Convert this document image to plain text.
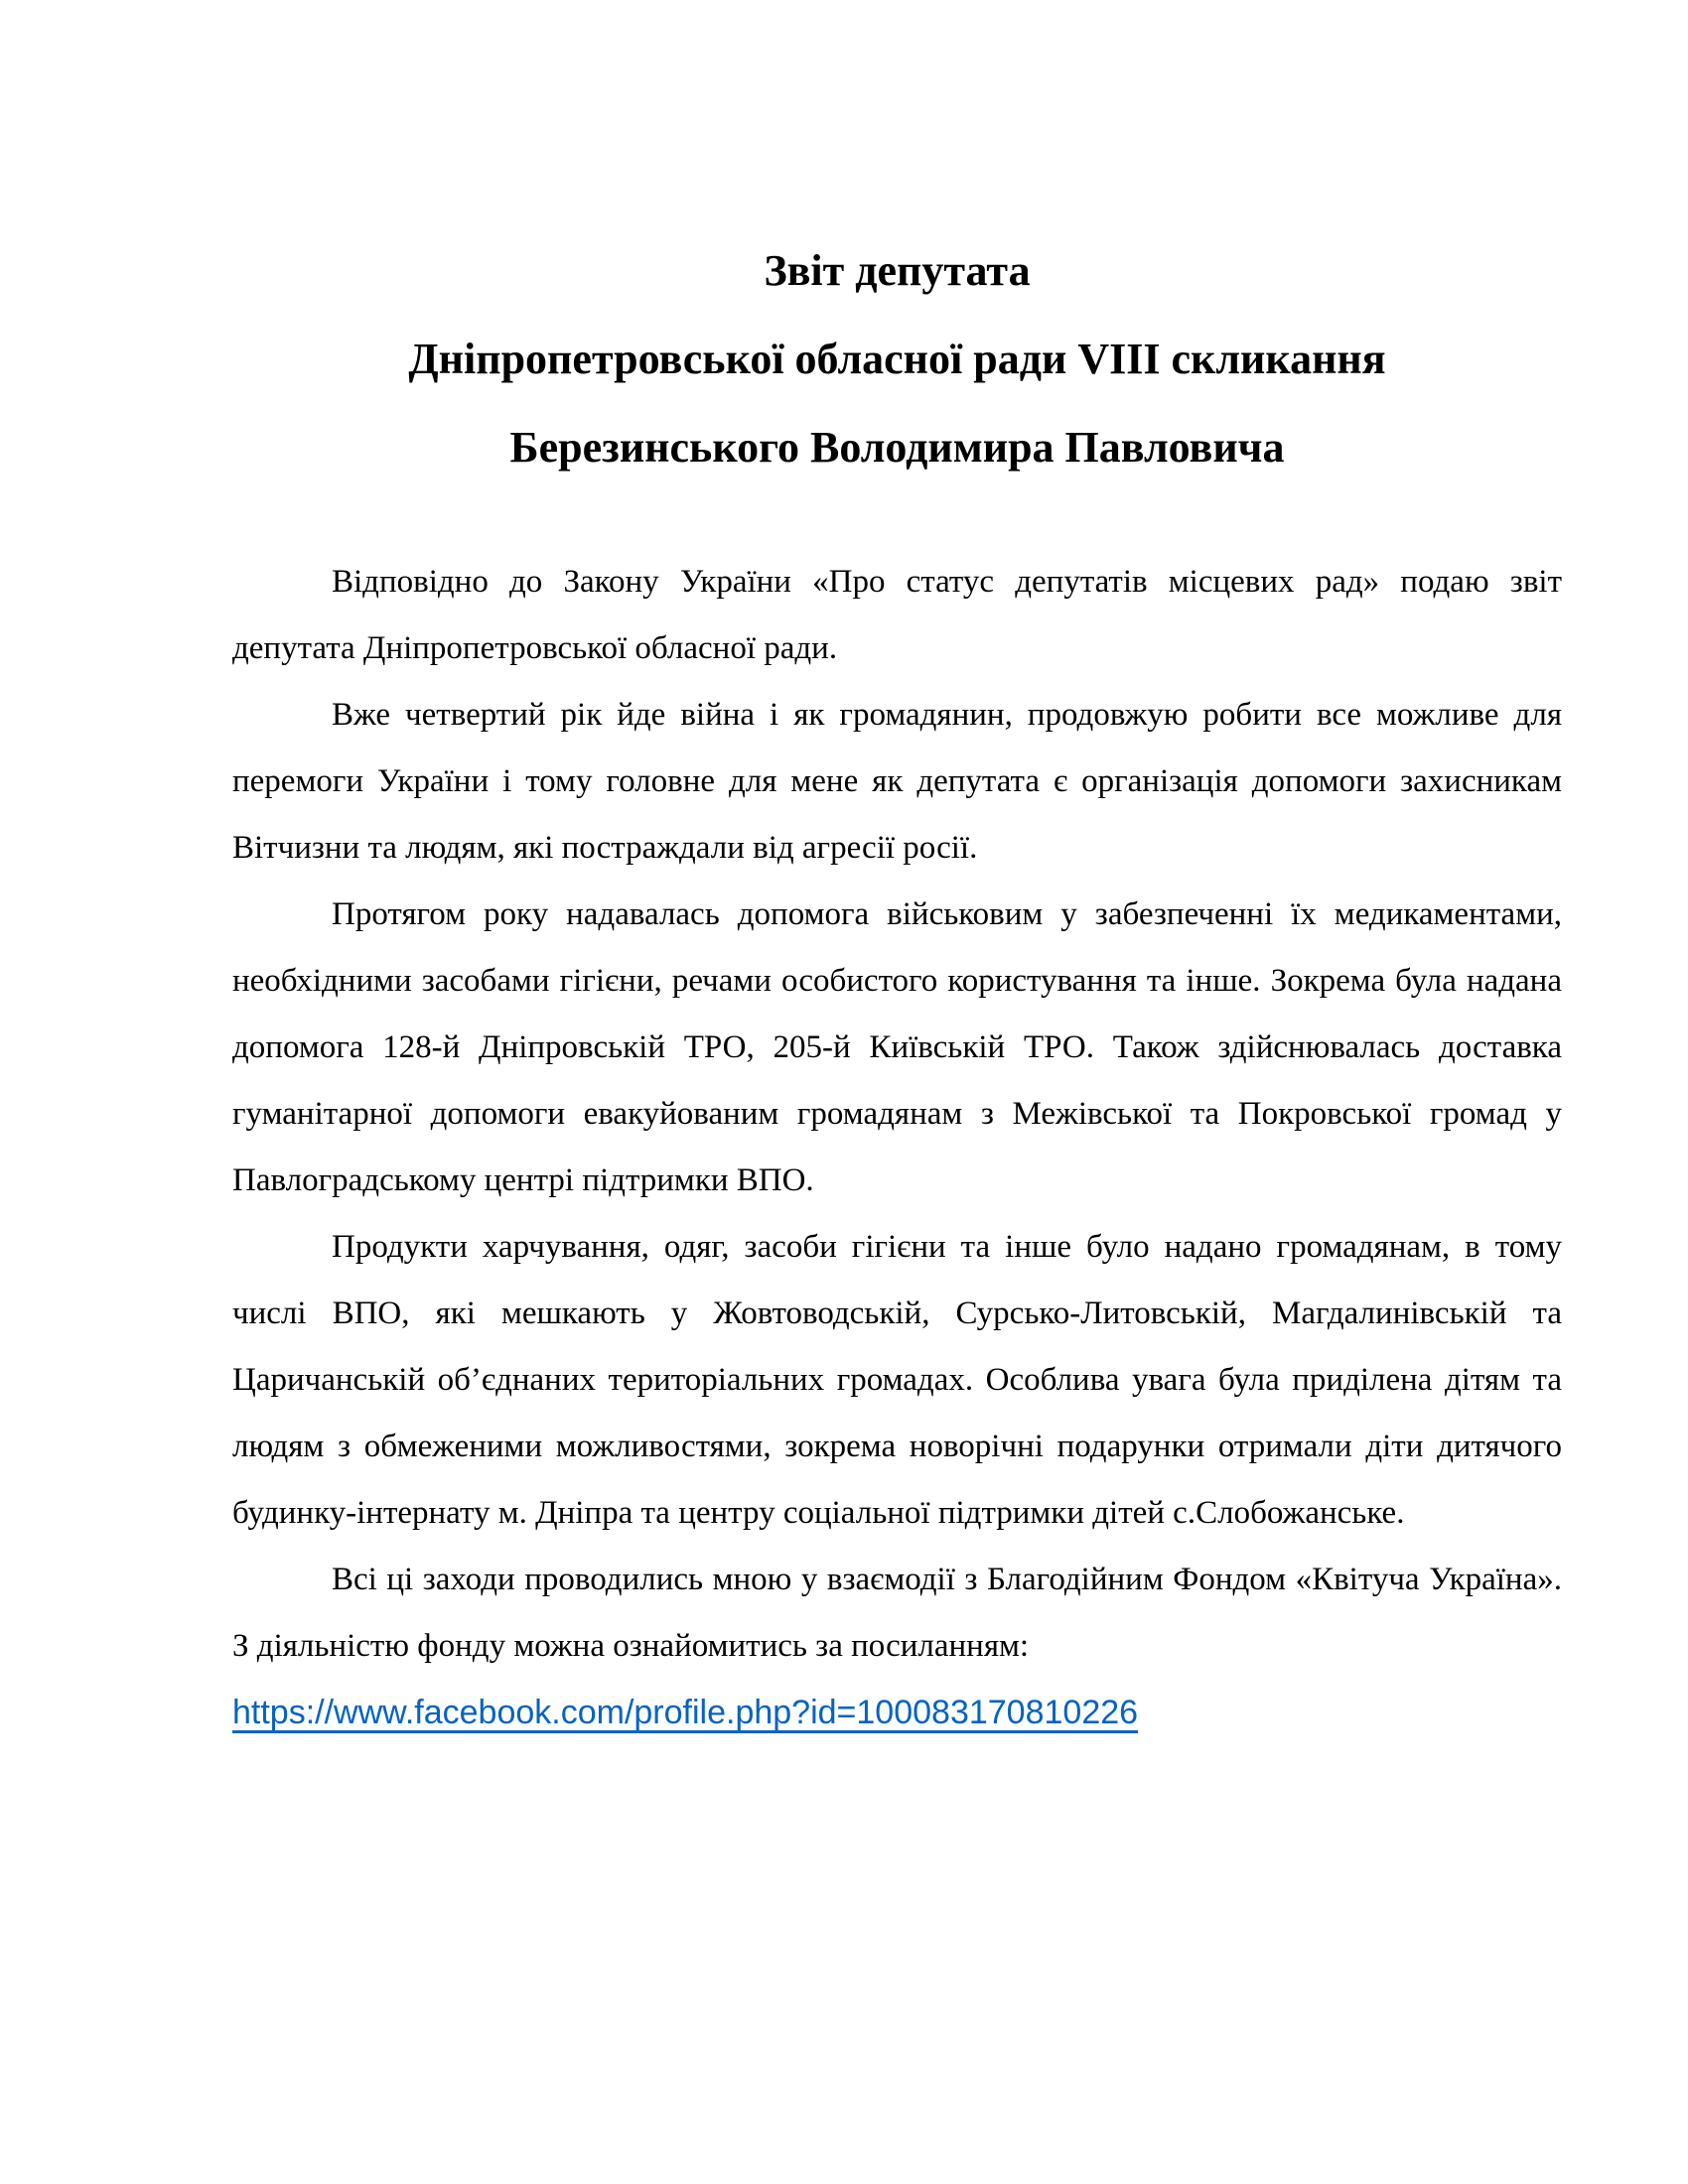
Звіт депутата
Дніпропетровської обласної ради VIII скликання
Березинського Володимира Павловича

Відповідно до Закону України «Про статус депутатів місцевих рад» подаю звіт депутата Дніпропетровської обласної ради.

Вже четвертий рік йде війна і як громадянин, продовжую робити все можливе для перемоги України і тому головне для мене як депутата є організація допомоги захисникам Вітчизни та людям, які постраждали від агресії росії.

Протягом року надавалась допомога військовим у забезпеченні їх медикаментами, необхідними засобами гігієни, речами особистого користування та інше. Зокрема була надана допомога 128-й Дніпровській ТРО, 205-й Київській ТРО. Також здійснювалась доставка гуманітарної допомоги евакуйованим громадянам з Межівської та Покровської громад у Павлоградському центрі підтримки ВПО.

Продукти харчування, одяг, засоби гігієни та інше було надано громадянам, в тому числі ВПО, які мешкають у Жовтоводській, Сурсько-Литовській, Магдалинівській та Царичанській об’єднаних територіальних громадах. Особлива увага була приділена дітям та людям з обмеженими можливостями, зокрема новорічні подарунки отримали діти дитячого будинку-інтернату м. Дніпра та центру соціальної підтримки дітей с.Слобожанське.

Всі ці заходи проводились мною у взаємодії з Благодійним Фондом «Квітуча Україна». З діяльністю фонду можна ознайомитись за посиланням:

https://www.facebook.com/profile.php?id=100083170810226
